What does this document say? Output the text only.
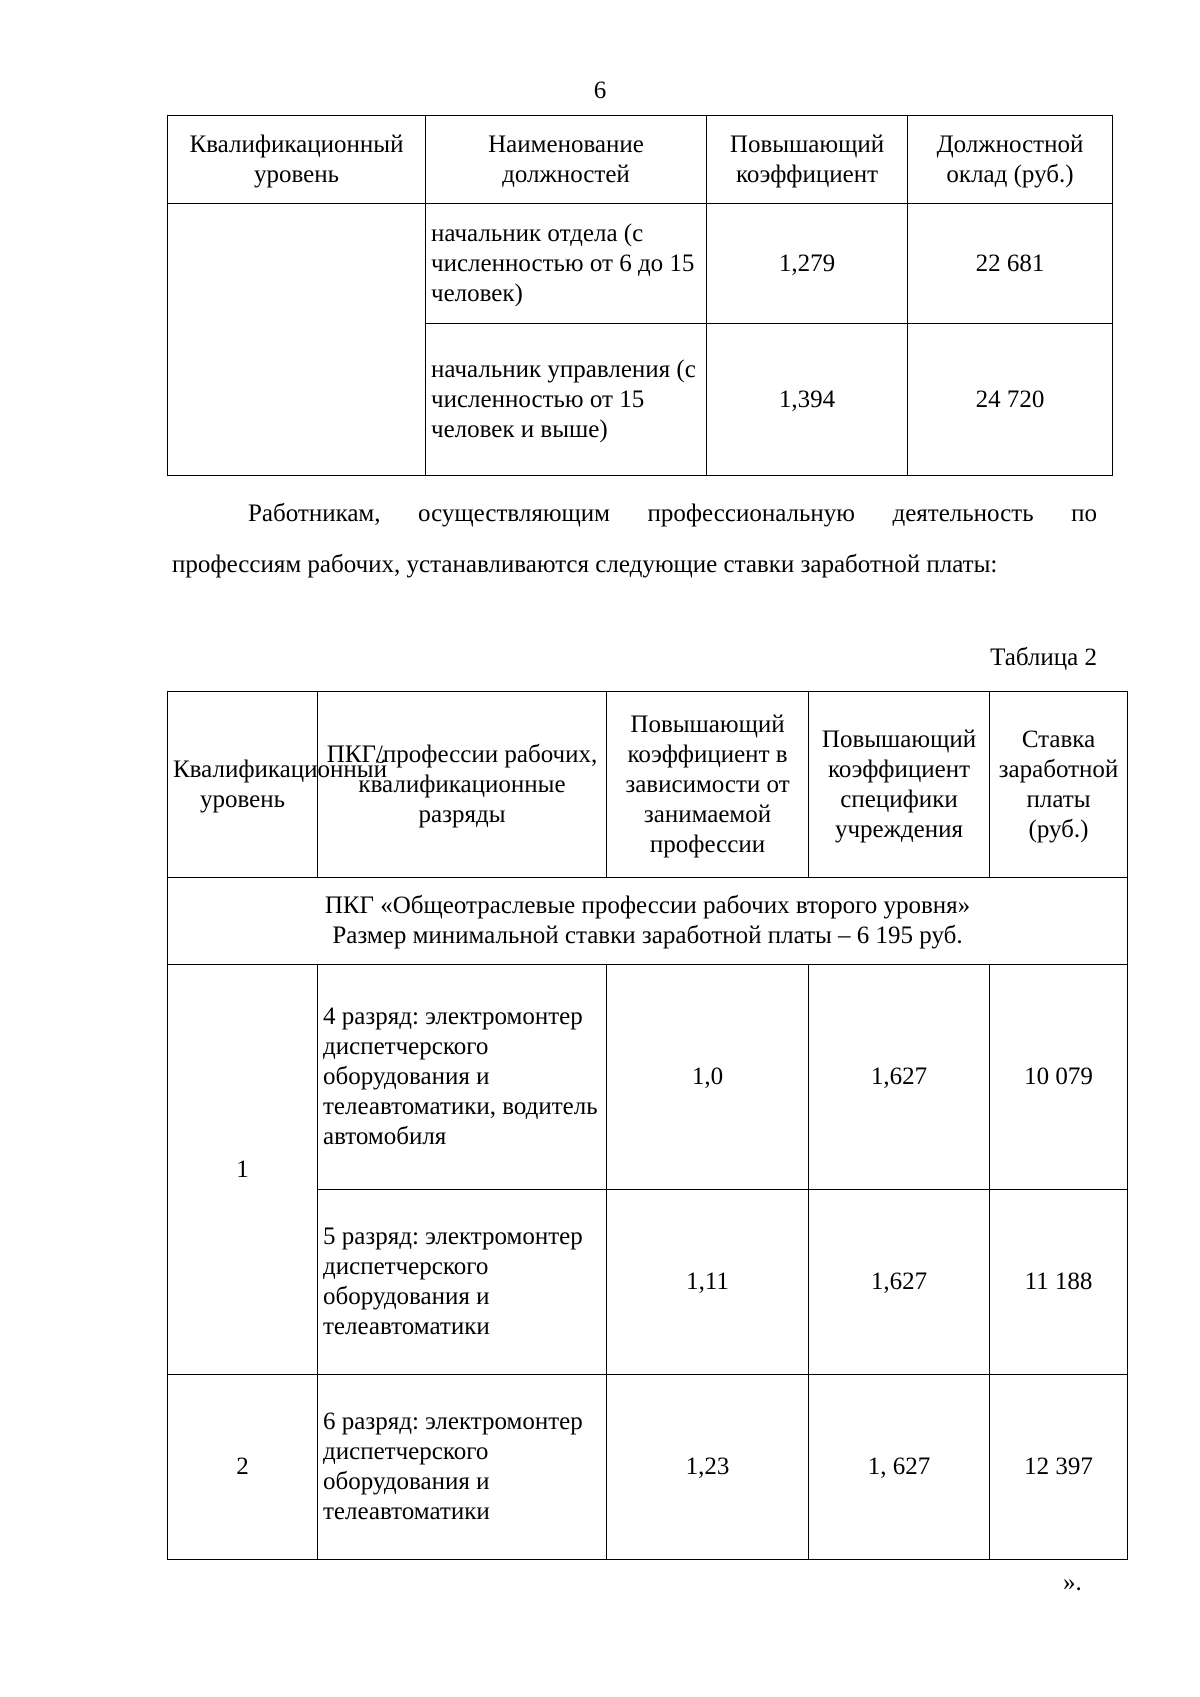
6
Квалификационный уровень	Наименование должностей	Повышающий коэффициент	Должностной оклад (руб.)
	начальник отдела (с численностью от 6 до 15 человек)	1,279	22 681
	начальник управления (с численностью от 15 человек и выше)	1,394	24 720
Работникам, осуществляющим профессиональную деятельность по профессиям рабочих, устанавливаются следующие ставки заработной платы:
Таблица 2
Квалификационный уровень	ПКГ/профессии рабочих, квалификационные разряды	Повышающий коэффициент в зависимости от занимаемой профессии	Повышающий коэффициент специфики учреждения	Ставка заработной платы (руб.)

ПКГ «Общеотраслевые профессии рабочих второго уровня»
Размер минимальной ставки заработной платы – 6 195 руб.				

1	4 разряд: электромонтер диспетчерского оборудования и телеавтоматики, водитель автомобиля	1,0	1,627	10 079
	5 разряд: электромонтер диспетчерского оборудования и телеавтоматики	1,11	1,627	11 188
2	6 разряд: электромонтер диспетчерского оборудования и телеавтоматики	1,23	1, 627	12 397
».
